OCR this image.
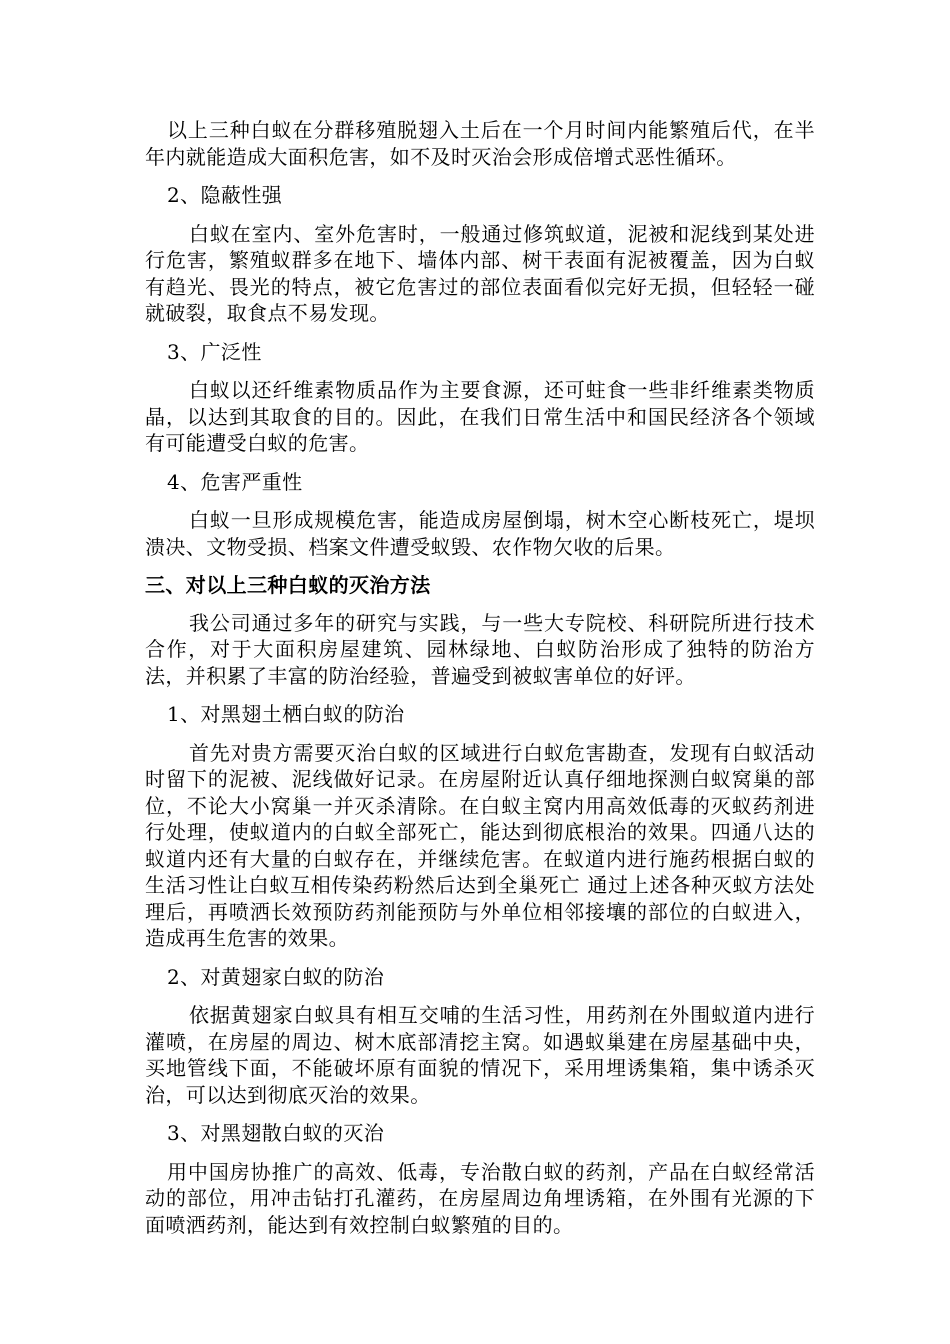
以上三种白蚁在分群移殖脱翅入土后在一个月时间内能繁殖后代，在半年内就能造成大面积危害，如不及时灭治会形成倍增式恶性循环。

2、隐蔽性强

白蚁在室内、室外危害时，一般通过修筑蚁道，泥被和泥线到某处进行危害，繁殖蚁群多在地下、墙体内部、树干表面有泥被覆盖，因为白蚁有趋光、畏光的特点，被它危害过的部位表面看似完好无损，但轻轻一碰就破裂，取食点不易发现。

3、广泛性

白蚁以还纤维素物质品作为主要食源，还可蛀食一些非纤维素类物质晶，以达到其取食的目的。因此，在我们日常生活中和国民经济各个领域有可能遭受白蚁的危害。

4、危害严重性

白蚁一旦形成规模危害，能造成房屋倒塌，树木空心断枝死亡，堤坝溃决、文物受损、档案文件遭受蚁毁、农作物欠收的后果。

三、对以上三种白蚁的灭治方法

我公司通过多年的研究与实践，与一些大专院校、科研院所进行技术合作，对于大面积房屋建筑、园林绿地、白蚁防治形成了独特的防治方法，并积累了丰富的防治经验，普遍受到被蚁害单位的好评。

1、对黑翅土栖白蚁的防治

首先对贵方需要灭治白蚁的区域进行白蚁危害勘查，发现有白蚁活动时留下的泥被、泥线做好记录。在房屋附近认真仔细地探测白蚁窝巢的部位，不论大小窝巢一并灭杀清除。在白蚁主窝内用高效低毒的灭蚁药剂进行处理，使蚁道内的白蚁全部死亡，能达到彻底根治的效果。四通八达的蚁道内还有大量的白蚁存在，并继续危害。在蚁道内进行施药根据白蚁的生活习性让白蚁互相传染药粉然后达到全巢死亡 通过上述各种灭蚁方法处理后，再喷洒长效预防药剂能预防与外单位相邻接壤的部位的白蚁进入，造成再生危害的效果。

2、对黄翅家白蚁的防治

依据黄翅家白蚁具有相互交哺的生活习性，用药剂在外围蚁道内进行灌喷，在房屋的周边、树木底部清挖主窝。如遇蚁巢建在房屋基础中央，买地管线下面，不能破坏原有面貌的情况下，采用埋诱集箱，集中诱杀灭治，可以达到彻底灭治的效果。

3、对黑翅散白蚁的灭治

用中国房协推广的高效、低毒，专治散白蚁的药剂，产品在白蚁经常活动的部位，用冲击钻打孔灌药，在房屋周边角埋诱箱，在外围有光源的下面喷洒药剂，能达到有效控制白蚁繁殖的目的。
